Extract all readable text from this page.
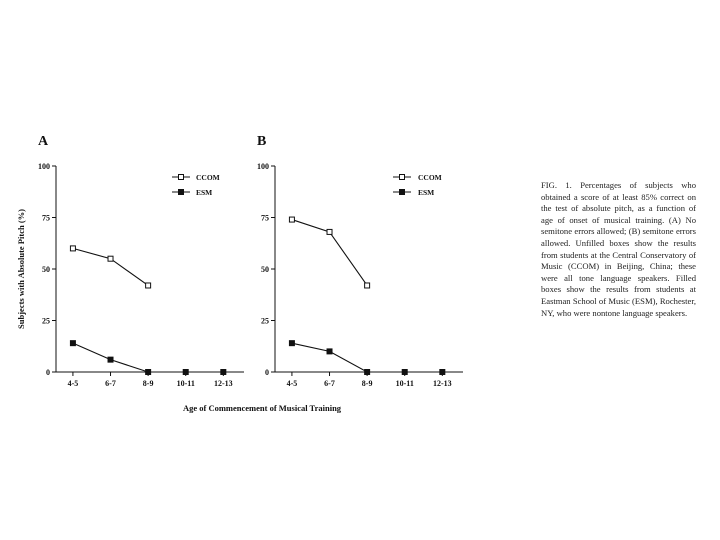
A
0
25
50
75
100
4-5	6-7	8-9	10-11 12-13
Subjects with Absolute Pitch (%)
CCOM
ESM
B
0
25
50
75
100
4-5	6-7	8-9	10-11 12-13
CCOM
ESM
Age of Commencement of Musical Training

FIG. 1. Percentages of subjects who obtained a score of at least 85% correct on the test of absolute pitch, as a function of age of onset of musical training. (A) No semitone errors allowed; (B) semitone errors allowed. Unfilled boxes show the results from students at the Central Conservatory of Music (CCOM) in Beijing, China; these were all tone language speakers. Filled boxes show the results from students at Eastman School of Music (ESM), Rochester, NY, who were nontone language speakers.
